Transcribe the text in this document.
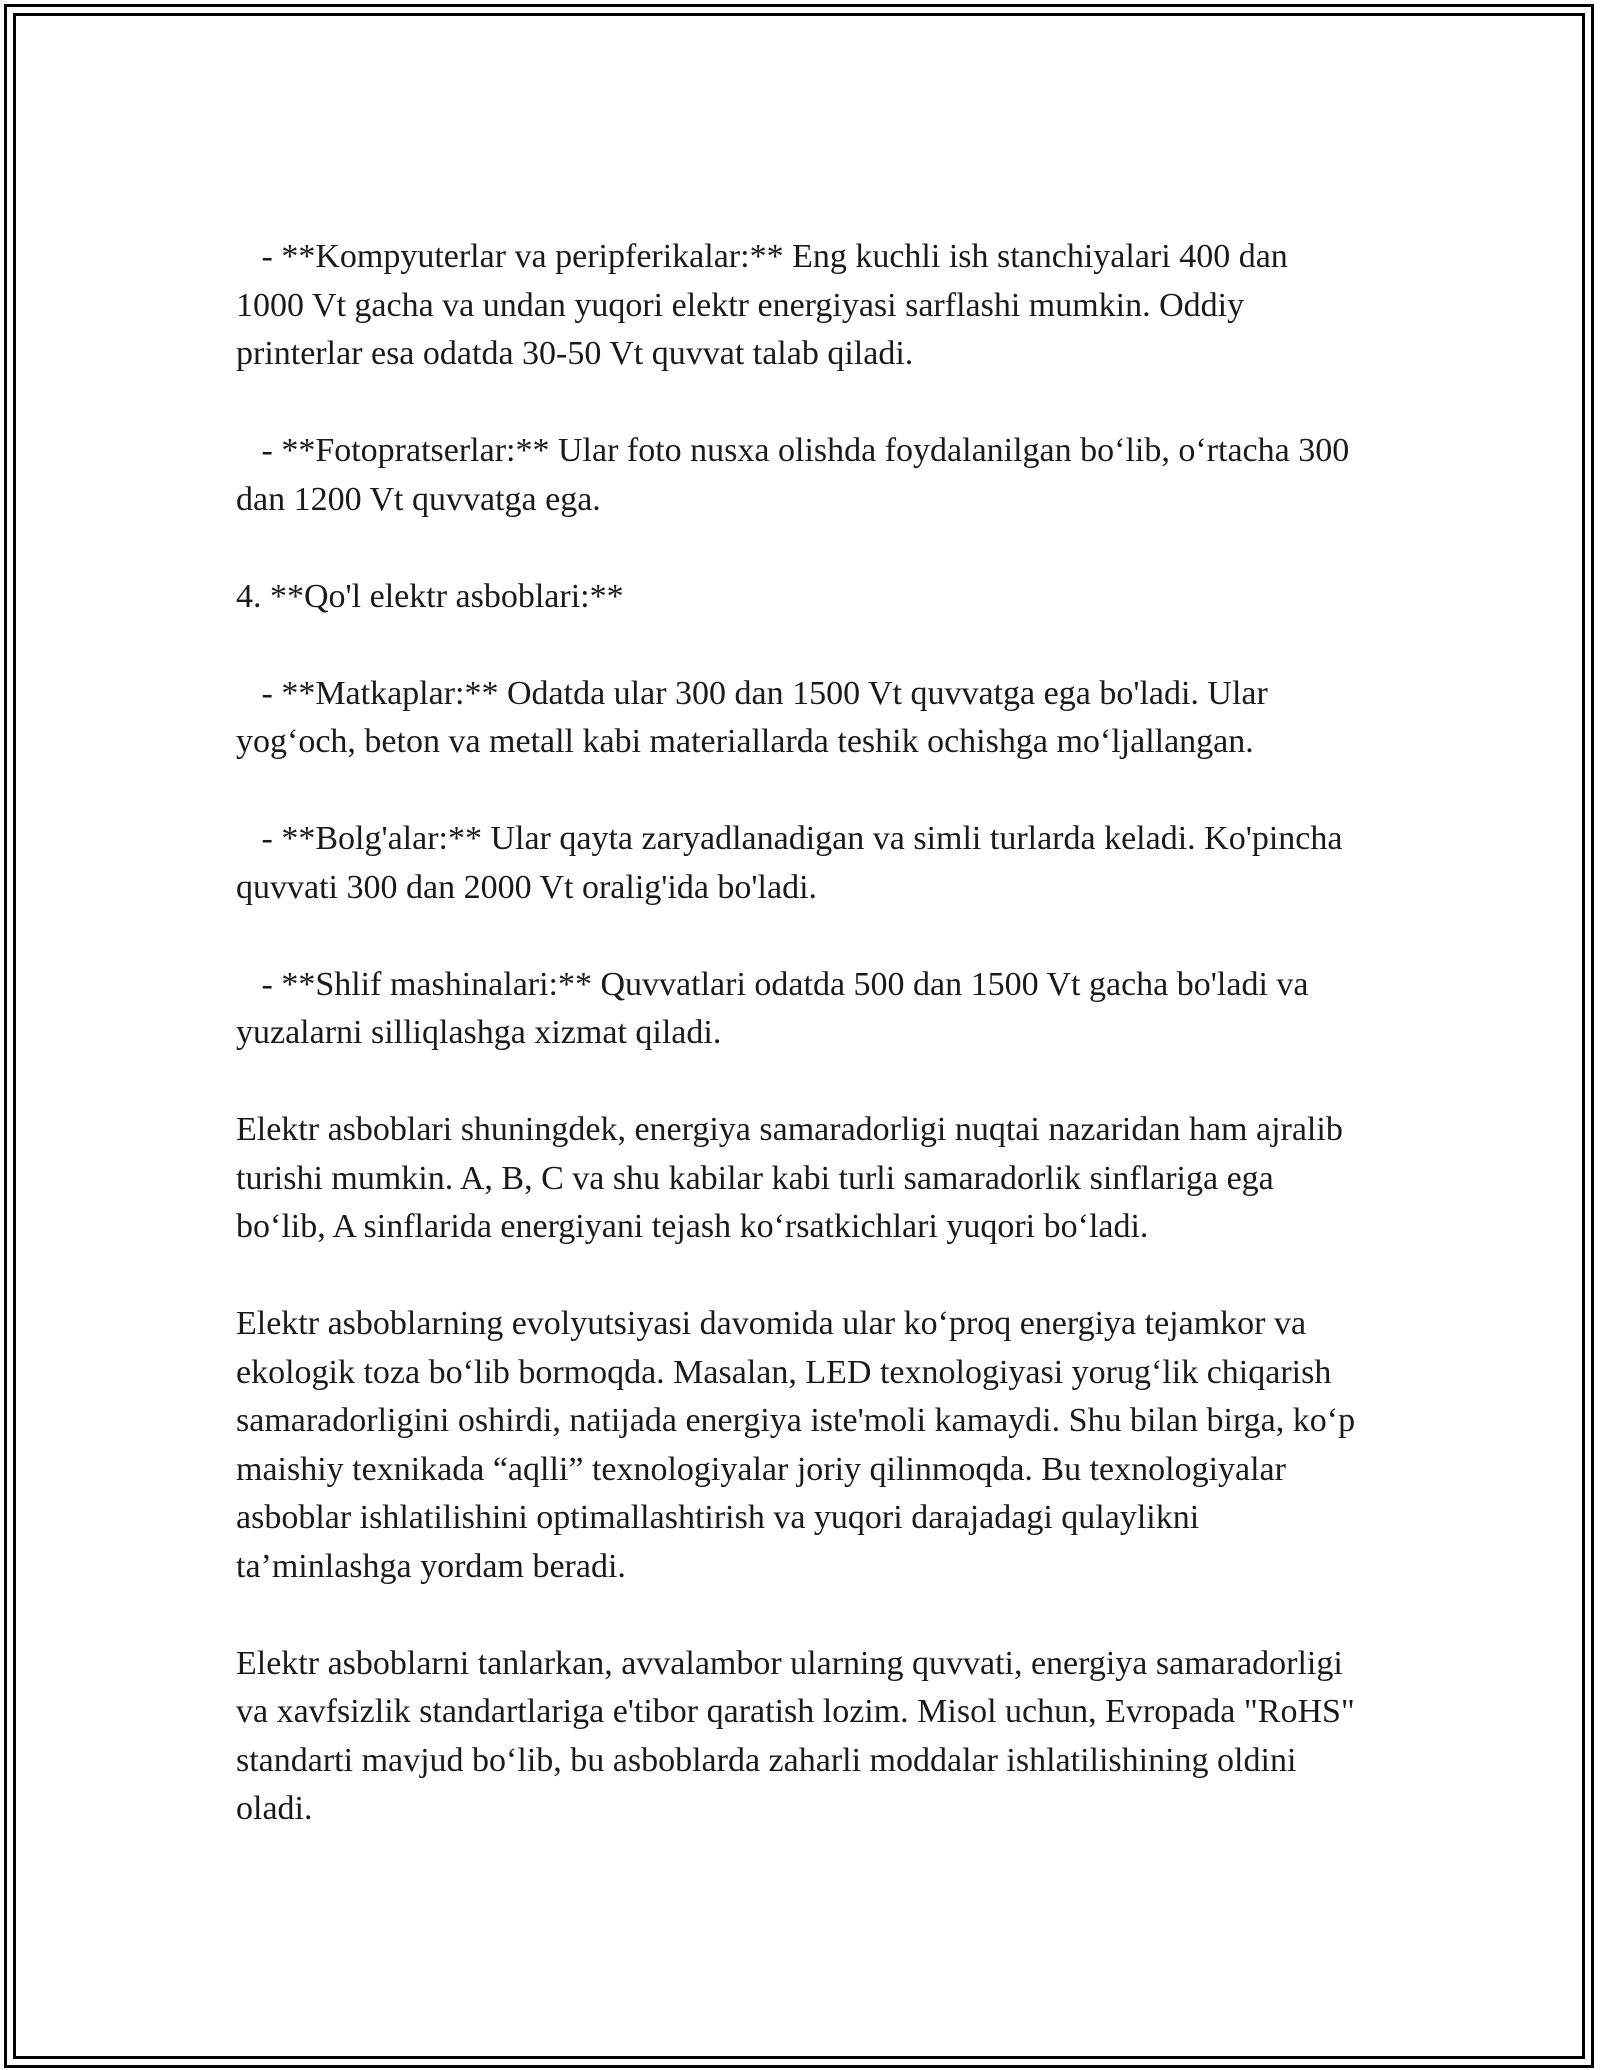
- **Kompyuterlar va peripferikalar:** Eng kuchli ish stanchiyalari 400 dan 1000 Vt gacha va undan yuqori elektr energiyasi sarflashi mumkin. Oddiy printerlar esa odatda 30-50 Vt quvvat talab qiladi.

- **Fotopratserlar:** Ular foto nusxa olishda foydalanilgan bo‘lib, o‘rtacha 300 dan 1200 Vt quvvatga ega.

4. **Qo'l elektr asboblari:**

- **Matkaplar:** Odatda ular 300 dan 1500 Vt quvvatga ega bo'ladi. Ular yog‘och, beton va metall kabi materiallarda teshik ochishga mo‘ljallangan.

- **Bolg'alar:** Ular qayta zaryadlanadigan va simli turlarda keladi. Ko'pincha quvvati 300 dan 2000 Vt oralig'ida bo'ladi.

- **Shlif mashinalari:** Quvvatlari odatda 500 dan 1500 Vt gacha bo'ladi va yuzalarni silliqlashga xizmat qiladi.

Elektr asboblari shuningdek, energiya samaradorligi nuqtai nazaridan ham ajralib turishi mumkin. A, B, C va shu kabilar kabi turli samaradorlik sinflariga ega bo‘lib, A sinflarida energiyani tejash ko‘rsatkichlari yuqori bo‘ladi.

Elektr asboblarning evolyutsiyasi davomida ular ko‘proq energiya tejamkor va ekologik toza bo‘lib bormoqda. Masalan, LED texnologiyasi yorug‘lik chiqarish samaradorligini oshirdi, natijada energiya iste'moli kamaydi. Shu bilan birga, ko‘p maishiy texnikada “aqlli” texnologiyalar joriy qilinmoqda. Bu texnologiyalar asboblar ishlatilishini optimallashtirish va yuqori darajadagi qulaylikni ta’minlashga yordam beradi.

Elektr asboblarni tanlarkan, avvalambor ularning quvvati, energiya samaradorligi va xavfsizlik standartlariga e'tibor qaratish lozim. Misol uchun, Evropada "RoHS" standarti mavjud bo‘lib, bu asboblarda zaharli moddalar ishlatilishining oldini oladi.
